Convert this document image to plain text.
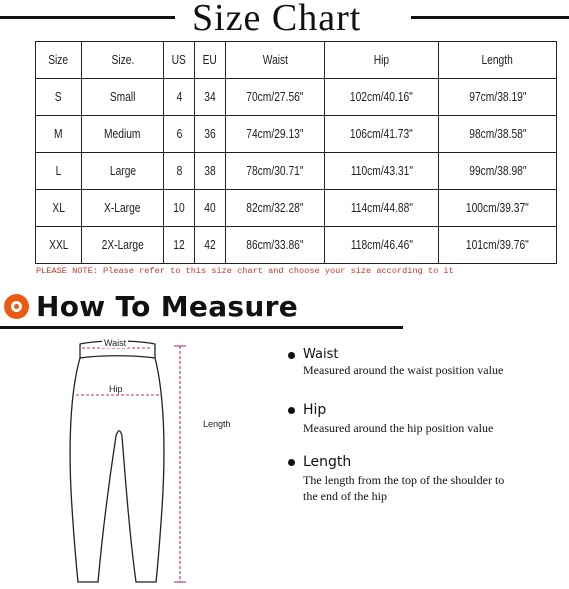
Size Chart
Size	Size.	US	EU	Waist	Hip	Length
S	Small	4	34	70cm/27.56"	102cm/40.16"	97cm/38.19"
M	Medium	6	36	74cm/29.13"	106cm/41.73"	98cm/38.58"
L	Large	8	38	78cm/30.71"	110cm/43.31"	99cm/38.98"
XL	X-Large	10	40	82cm/32.28"	114cm/44.88"	100cm/39.37"
XXL	2X-Large	12	42	86cm/33.86"	118cm/46.46"	101cm/39.76"
PLEASE NOTE: Please refer to this size chart and choose your size according to it
How To Measure
Waist
Hip
Length
Waist
Measured around the waist position value
Hip
Measured around the hip position value
Length
The length from the top of the shoulder to
the end of the hip
